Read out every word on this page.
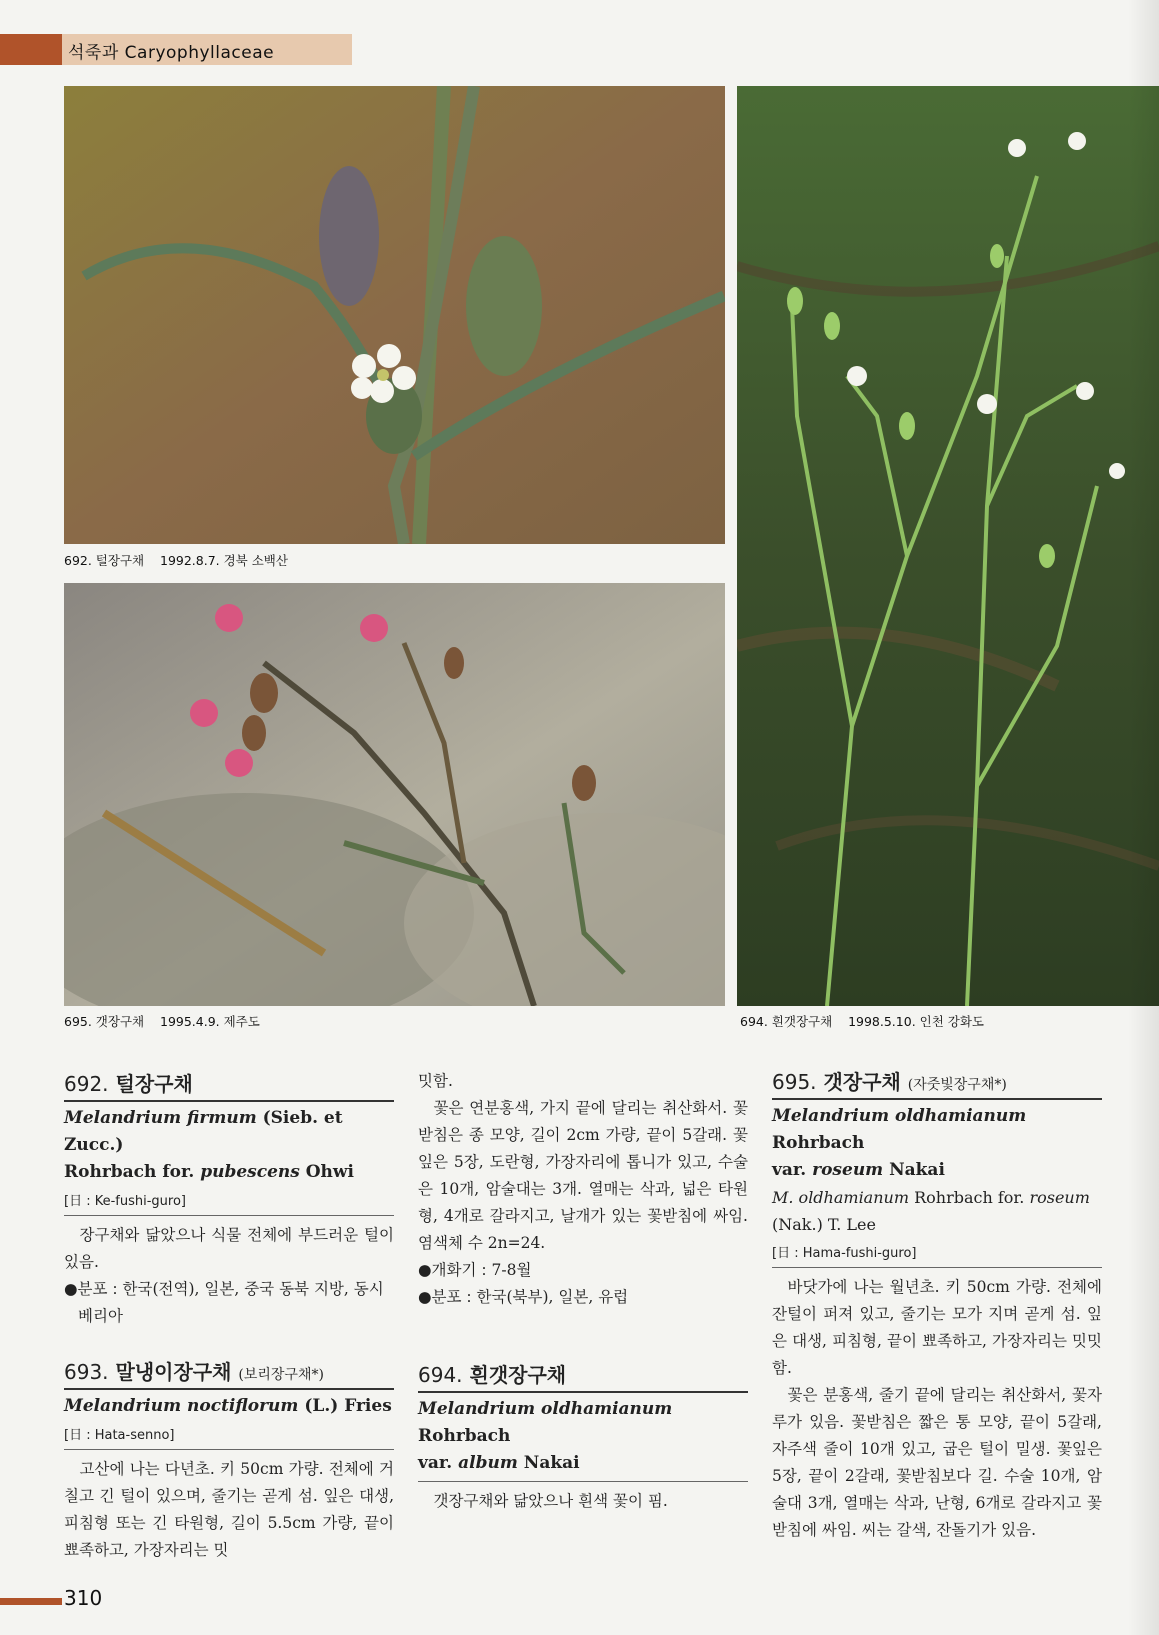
석죽과 Caryophyllaceae
692. 털장구채    1992.8.7. 경북 소백산
695. 갯장구채    1995.4.9. 제주도	694. 흰갯장구채    1998.5.10. 인천 강화도
692. 털장구채
Melandrium firmum (Sieb. et Zucc.)
Rohrbach for. pubescens Ohwi
[日 : Ke-fushi-guro]

장구채와 닮았으나 식물 전체에 부드러운 털이 있음.

●분포 : 한국(전역), 일본, 중국 동북 지방, 동시베리아
693. 말냉이장구채 (보리장구채*)
Melandrium noctiflorum (L.) Fries
[日 : Hata-senno]

고산에 나는 다년초. 키 50cm 가량. 전체에 거칠고 긴 털이 있으며, 줄기는 곧게 섬. 잎은 대생, 피침형 또는 긴 타원형, 길이 5.5cm 가량, 끝이 뾰족하고, 가장자리는 밋

밋함.

꽃은 연분홍색, 가지 끝에 달리는 취산화서. 꽃받침은 종 모양, 길이 2cm 가량, 끝이 5갈래. 꽃잎은 5장, 도란형, 가장자리에 톱니가 있고, 수술은 10개, 암술대는 3개. 열매는 삭과, 넓은 타원형, 4개로 갈라지고, 날개가 있는 꽃받침에 싸임. 염색체 수 2n=24.

●개화기 : 7-8월
●분포 : 한국(북부), 일본, 유럽
694. 흰갯장구채
Melandrium oldhamianum Rohrbach
var. album Nakai

갯장구채와 닮았으나 흰색 꽃이 핌.

695. 갯장구채 (자줏빛장구채*)
Melandrium oldhamianum Rohrbach
var. roseum Nakai
M. oldhamianum Rohrbach for. roseum
(Nak.) T. Lee
[日 : Hama-fushi-guro]

바닷가에 나는 월년초. 키 50cm 가량. 전체에 잔털이 퍼져 있고, 줄기는 모가 지며 곧게 섬. 잎은 대생, 피침형, 끝이 뾰족하고, 가장자리는 밋밋함.

꽃은 분홍색, 줄기 끝에 달리는 취산화서, 꽃자루가 있음. 꽃받침은 짧은 통 모양, 끝이 5갈래, 자주색 줄이 10개 있고, 굽은 털이 밀생. 꽃잎은 5장, 끝이 2갈래, 꽃받침보다 길. 수술 10개, 암술대 3개, 열매는 삭과, 난형, 6개로 갈라지고 꽃받침에 싸임. 씨는 갈색, 잔돌기가 있음.

310
